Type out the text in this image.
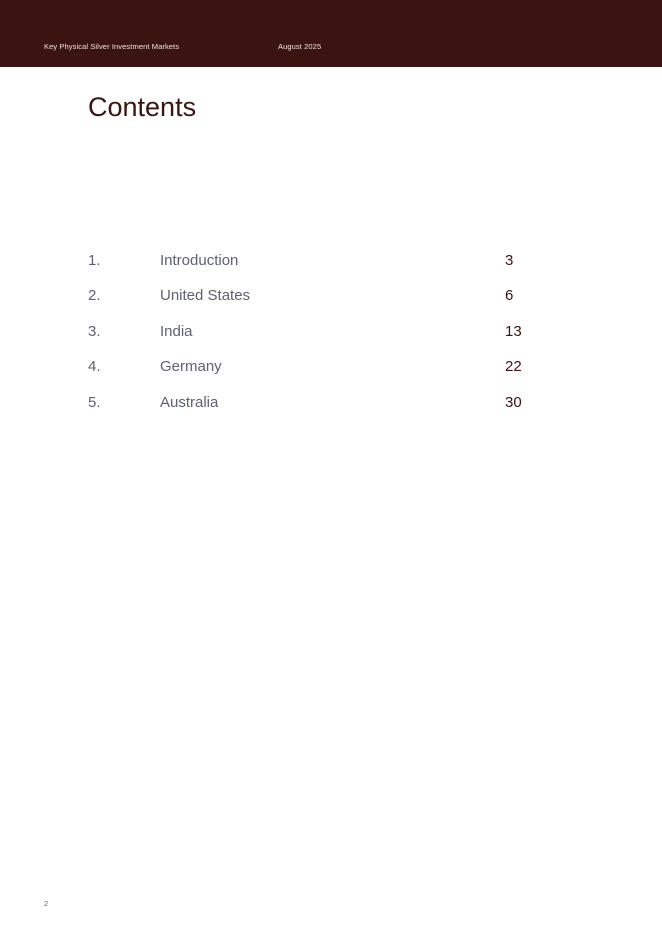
Key Physical Silver Investment Markets	August 2025
Contents
1.	Introduction	3
2.	United States	6
3.	India	13
4.	Germany	22
5.	Australia	30
2
